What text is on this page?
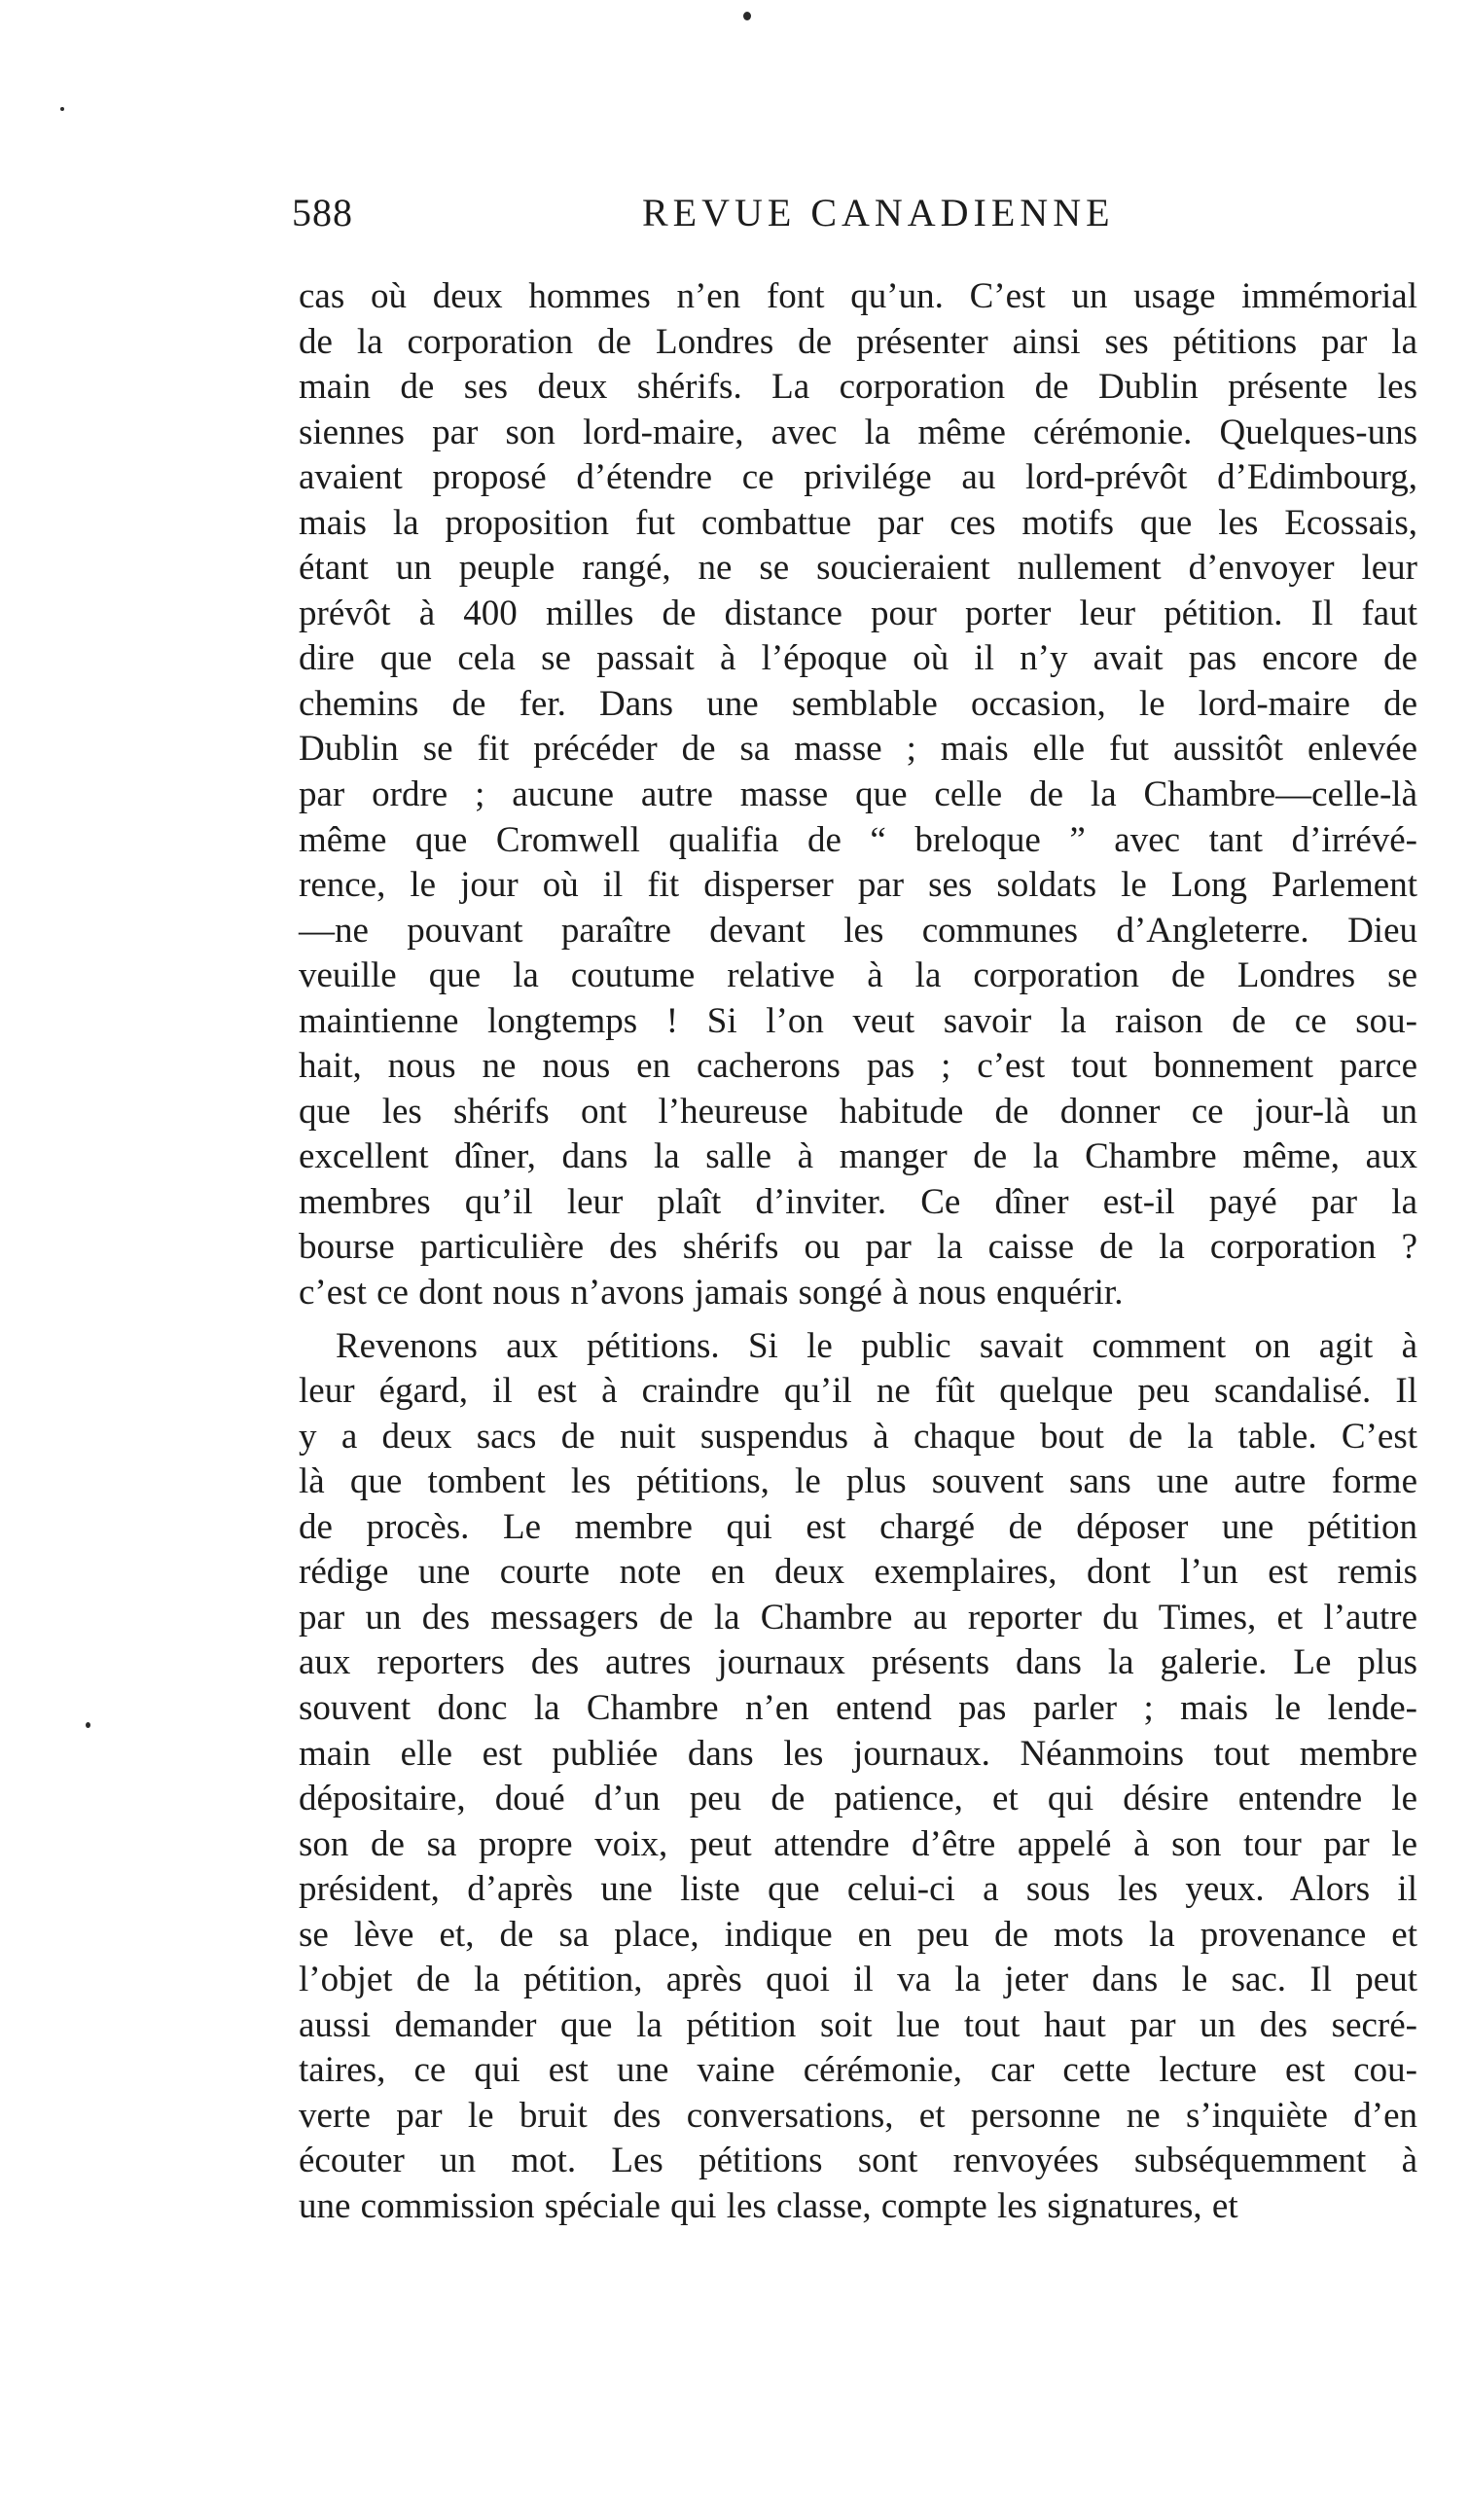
588	REVUE CANADIENNE
cas où deux hommes n’en font qu’un. C’est un usage immémorial
de la corporation de Londres de présenter ainsi ses pétitions par la
main de ses deux shérifs. La corporation de Dublin présente les
siennes par son lord-maire, avec la même cérémonie. Quelques-uns
avaient proposé d’étendre ce privilége au lord-prévôt d’Edimbourg,
mais la proposition fut combattue par ces motifs que les Ecossais,
étant un peuple rangé, ne se soucieraient nullement d’envoyer leur
prévôt à 400 milles de distance pour porter leur pétition. Il faut
dire que cela se passait à l’époque où il n’y avait pas encore de
chemins de fer. Dans une semblable occasion, le lord-maire de
Dublin se fit précéder de sa masse ; mais elle fut aussitôt enlevée
par ordre ; aucune autre masse que celle de la Chambre—celle-là
même que Cromwell qualifia de “ breloque ” avec tant d’irrévé-
rence, le jour où il fit disperser par ses soldats le Long Parlement
—ne pouvant paraître devant les communes d’Angleterre. Dieu
veuille que la coutume relative à la corporation de Londres se
maintienne longtemps ! Si l’on veut savoir la raison de ce sou-
hait, nous ne nous en cacherons pas ; c’est tout bonnement parce
que les shérifs ont l’heureuse habitude de donner ce jour-là un
excellent dîner, dans la salle à manger de la Chambre même, aux
membres qu’il leur plaît d’inviter. Ce dîner est-il payé par la
bourse particulière des shérifs ou par la caisse de la corporation ?
c’est ce dont nous n’avons jamais songé à nous enquérir.
Revenons aux pétitions. Si le public savait comment on agit à
leur égard, il est à craindre qu’il ne fût quelque peu scandalisé. Il
y a deux sacs de nuit suspendus à chaque bout de la table. C’est
là que tombent les pétitions, le plus souvent sans une autre forme
de procès. Le membre qui est chargé de déposer une pétition
rédige une courte note en deux exemplaires, dont l’un est remis
par un des messagers de la Chambre au reporter du Times, et l’autre
aux reporters des autres journaux présents dans la galerie. Le plus
souvent donc la Chambre n’en entend pas parler ; mais le lende-
main elle est publiée dans les journaux. Néanmoins tout membre
dépositaire, doué d’un peu de patience, et qui désire entendre le
son de sa propre voix, peut attendre d’être appelé à son tour par le
président, d’après une liste que celui-ci a sous les yeux. Alors il
se lève et, de sa place, indique en peu de mots la provenance et
l’objet de la pétition, après quoi il va la jeter dans le sac. Il peut
aussi demander que la pétition soit lue tout haut par un des secré-
taires, ce qui est une vaine cérémonie, car cette lecture est cou-
verte par le bruit des conversations, et personne ne s’inquiète d’en
écouter un mot. Les pétitions sont renvoyées subséquemment à
une commission spéciale qui les classe, compte les signatures, et
